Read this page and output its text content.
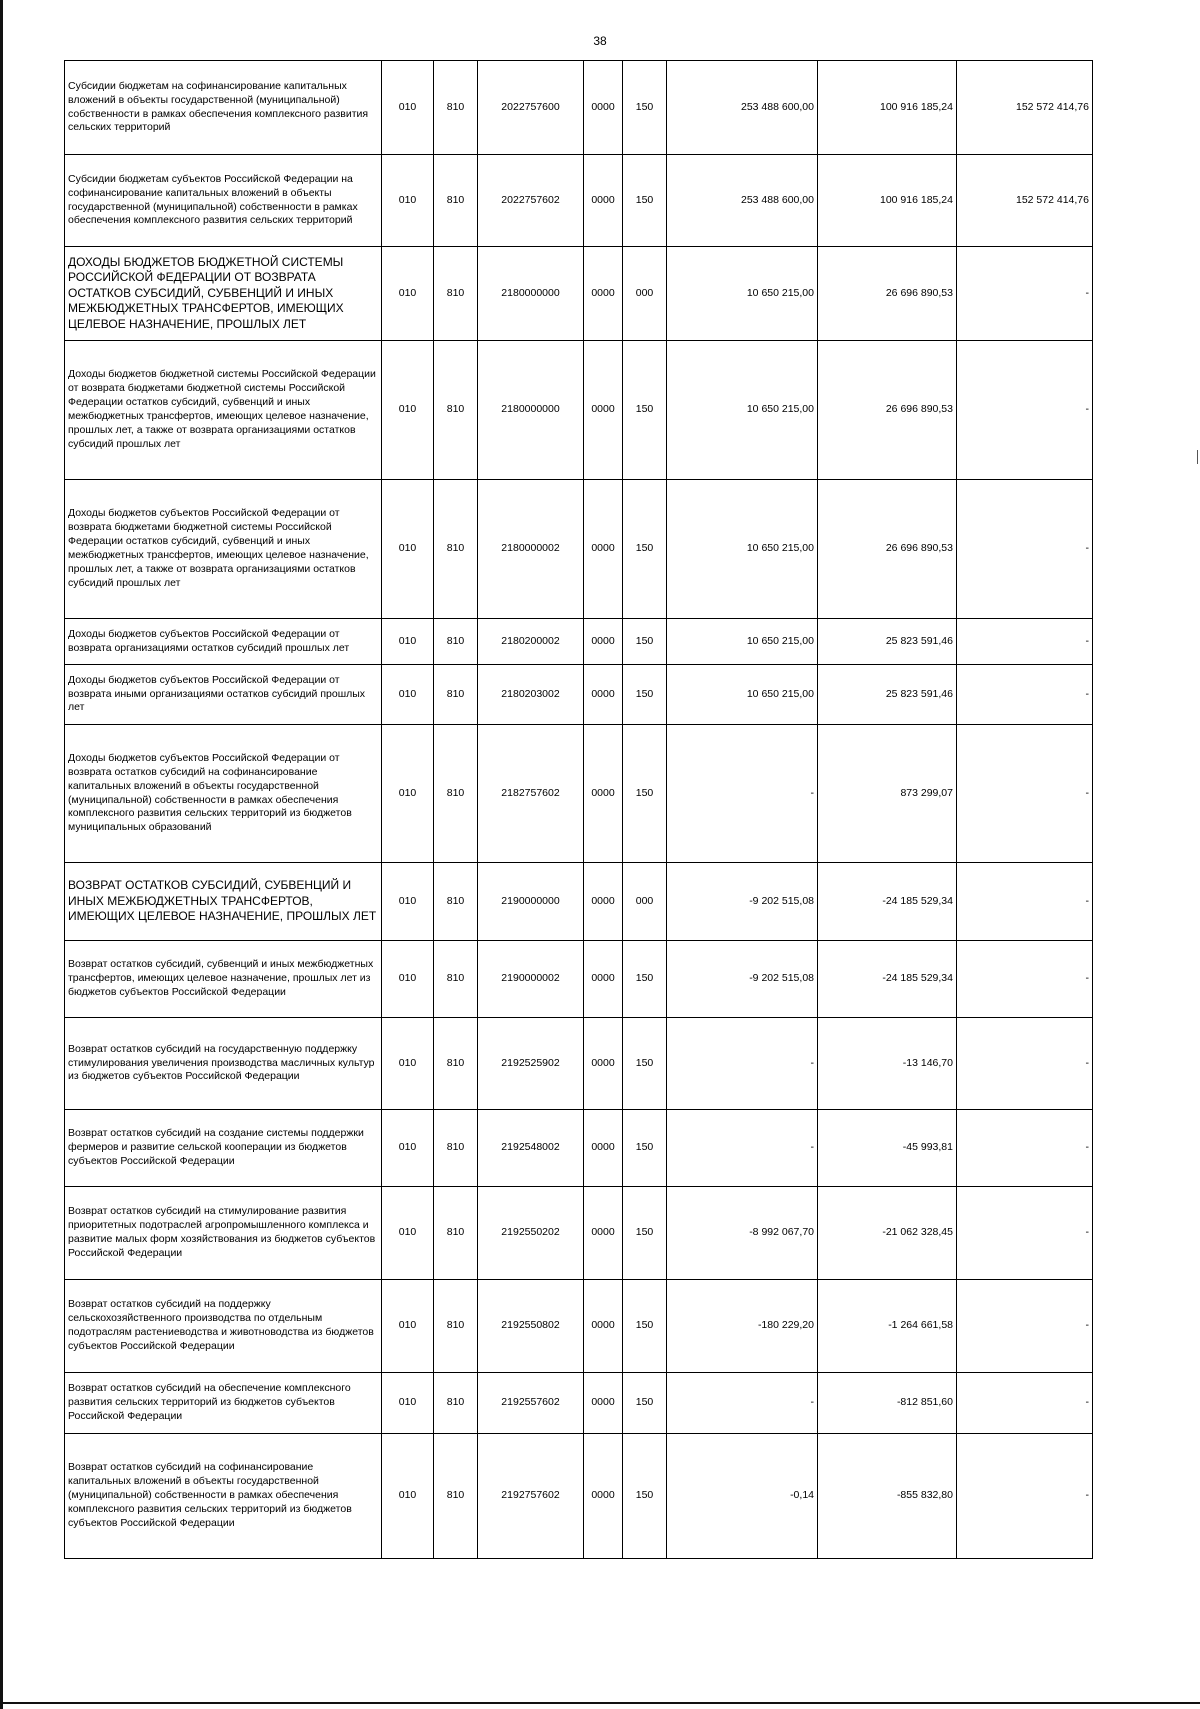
38
Субсидии бюджетам на софинансирование капитальных вложений в объекты государственной (муниципальной) собственности в рамках обеспечения комплексного развития сельских территорий	010	810	2022757600	0000	150	253 488 600,00	100 916 185,24	152 572 414,76
Субсидии бюджетам субъектов Российской Федерации на софинансирование капитальных вложений в объекты государственной (муниципальной) собственности в рамках обеспечения комплексного развития сельских территорий	010	810	2022757602	0000	150	253 488 600,00	100 916 185,24	152 572 414,76
ДОХОДЫ БЮДЖЕТОВ БЮДЖЕТНОЙ СИСТЕМЫ РОССИЙСКОЙ ФЕДЕРАЦИИ ОТ ВОЗВРАТА ОСТАТКОВ СУБСИДИЙ, СУБВЕНЦИЙ И ИНЫХ МЕЖБЮДЖЕТНЫХ ТРАНСФЕРТОВ, ИМЕЮЩИХ ЦЕЛЕВОЕ НАЗНАЧЕНИЕ, ПРОШЛЫХ ЛЕТ	010	810	2180000000	0000	000	10 650 215,00	26 696 890,53	-
Доходы бюджетов бюджетной системы Российской Федерации от возврата бюджетами бюджетной системы Российской Федерации остатков субсидий, субвенций и иных межбюджетных трансфертов, имеющих целевое назначение, прошлых лет, а также от возврата организациями остатков субсидий прошлых лет	010	810	2180000000	0000	150	10 650 215,00	26 696 890,53	-
Доходы бюджетов субъектов Российской Федерации от возврата бюджетами бюджетной системы Российской Федерации остатков субсидий, субвенций и иных межбюджетных трансфертов, имеющих целевое назначение, прошлых лет, а также от возврата организациями остатков субсидий прошлых лет	010	810	2180000002	0000	150	10 650 215,00	26 696 890,53	-
Доходы бюджетов субъектов Российской Федерации от возврата организациями остатков субсидий прошлых лет	010	810	2180200002	0000	150	10 650 215,00	25 823 591,46	-
Доходы бюджетов субъектов Российской Федерации от возврата иными организациями остатков субсидий прошлых лет	010	810	2180203002	0000	150	10 650 215,00	25 823 591,46	-
Доходы бюджетов субъектов Российской Федерации от возврата остатков субсидий на софинансирование капитальных вложений в объекты государственной (муниципальной) собственности в рамках обеспечения комплексного развития сельских территорий из бюджетов муниципальных образований	010	810	2182757602	0000	150	-	873 299,07	-
ВОЗВРАТ ОСТАТКОВ СУБСИДИЙ, СУБВЕНЦИЙ И ИНЫХ МЕЖБЮДЖЕТНЫХ ТРАНСФЕРТОВ, ИМЕЮЩИХ ЦЕЛЕВОЕ НАЗНАЧЕНИЕ, ПРОШЛЫХ ЛЕТ	010	810	2190000000	0000	000	-9 202 515,08	-24 185 529,34	-
Возврат остатков субсидий, субвенций и иных межбюджетных трансфертов, имеющих целевое назначение, прошлых лет из бюджетов субъектов Российской Федерации	010	810	2190000002	0000	150	-9 202 515,08	-24 185 529,34	-
Возврат остатков субсидий на государственную поддержку стимулирования увеличения производства масличных культур из бюджетов субъектов Российской Федерации	010	810	2192525902	0000	150	-	-13 146,70	-
Возврат остатков субсидий на создание системы поддержки фермеров и развитие сельской кооперации из бюджетов субъектов Российской Федерации	010	810	2192548002	0000	150	-	-45 993,81	-
Возврат остатков субсидий на стимулирование развития приоритетных подотраслей агропромышленного комплекса и развитие малых форм хозяйствования из бюджетов субъектов Российской Федерации	010	810	2192550202	0000	150	-8 992 067,70	-21 062 328,45	-
Возврат остатков субсидий на поддержку сельскохозяйственного производства по отдельным подотраслям растениеводства и животноводства из бюджетов субъектов Российской Федерации	010	810	2192550802	0000	150	-180 229,20	-1 264 661,58	-
Возврат остатков субсидий на обеспечение комплексного развития сельских территорий из бюджетов субъектов Российской Федерации	010	810	2192557602	0000	150	-	-812 851,60	-
Возврат остатков субсидий на софинансирование капитальных вложений в объекты государственной (муниципальной) собственности в рамках обеспечения комплексного развития сельских территорий из бюджетов субъектов Российской Федерации	010	810	2192757602	0000	150	-0,14	-855 832,80	-
